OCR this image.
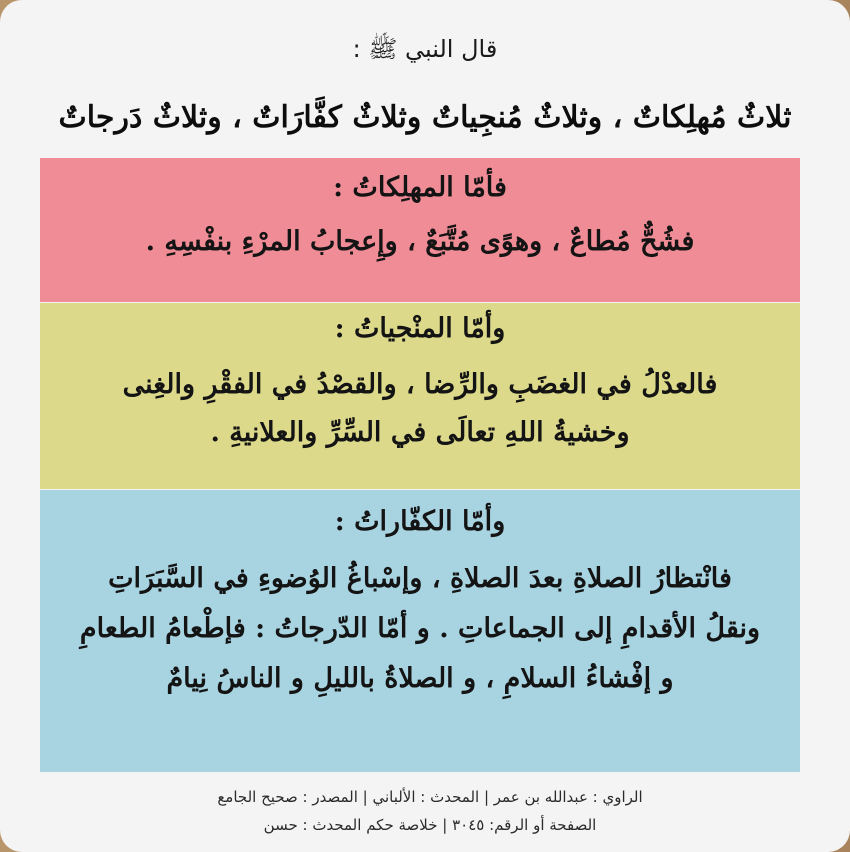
قال النبي ﷺ :
ثلاثٌ مُهلِكاتٌ ، وثلاثٌ مُنجِياتٌ وثلاثٌ كفَّارَاتٌ ، وثلاثٌ دَرجاتٌ
فأمّا المهلِكاتُ :
فشُحٌّ مُطاعٌ ، وهوًى مُتَّبَعٌ ، وإِعجابُ المرْءِ بنفْسِهِ .
وأمّا المنْجياتُ :
فالعدْلُ في الغضَبِ والرِّضا ، والقصْدُ في الفقْرِ والغِنى
وخشيةُ اللهِ تعالَى في السِّرِّ والعلانيةِ .
وأمّا الكفّاراتُ :
فانْتظارُ الصلاةِ بعدَ الصلاةِ ، وإسْباغُ الوُضوءِ في السَّبَرَاتِ
ونقلُ الأقدامِ إلى الجماعاتِ . و أمّا الدّرجاتُ : فإطْعامُ الطعامِ
و إفْشاءُ السلامِ ، و الصلاةُ بالليلِ و الناسُ نِيامٌ
الراوي : عبدالله بن عمر | المحدث : الألباني | المصدر : صحيح الجامع
الصفحة أو الرقم: ٣٠٤٥ | خلاصة حكم المحدث : حسن
